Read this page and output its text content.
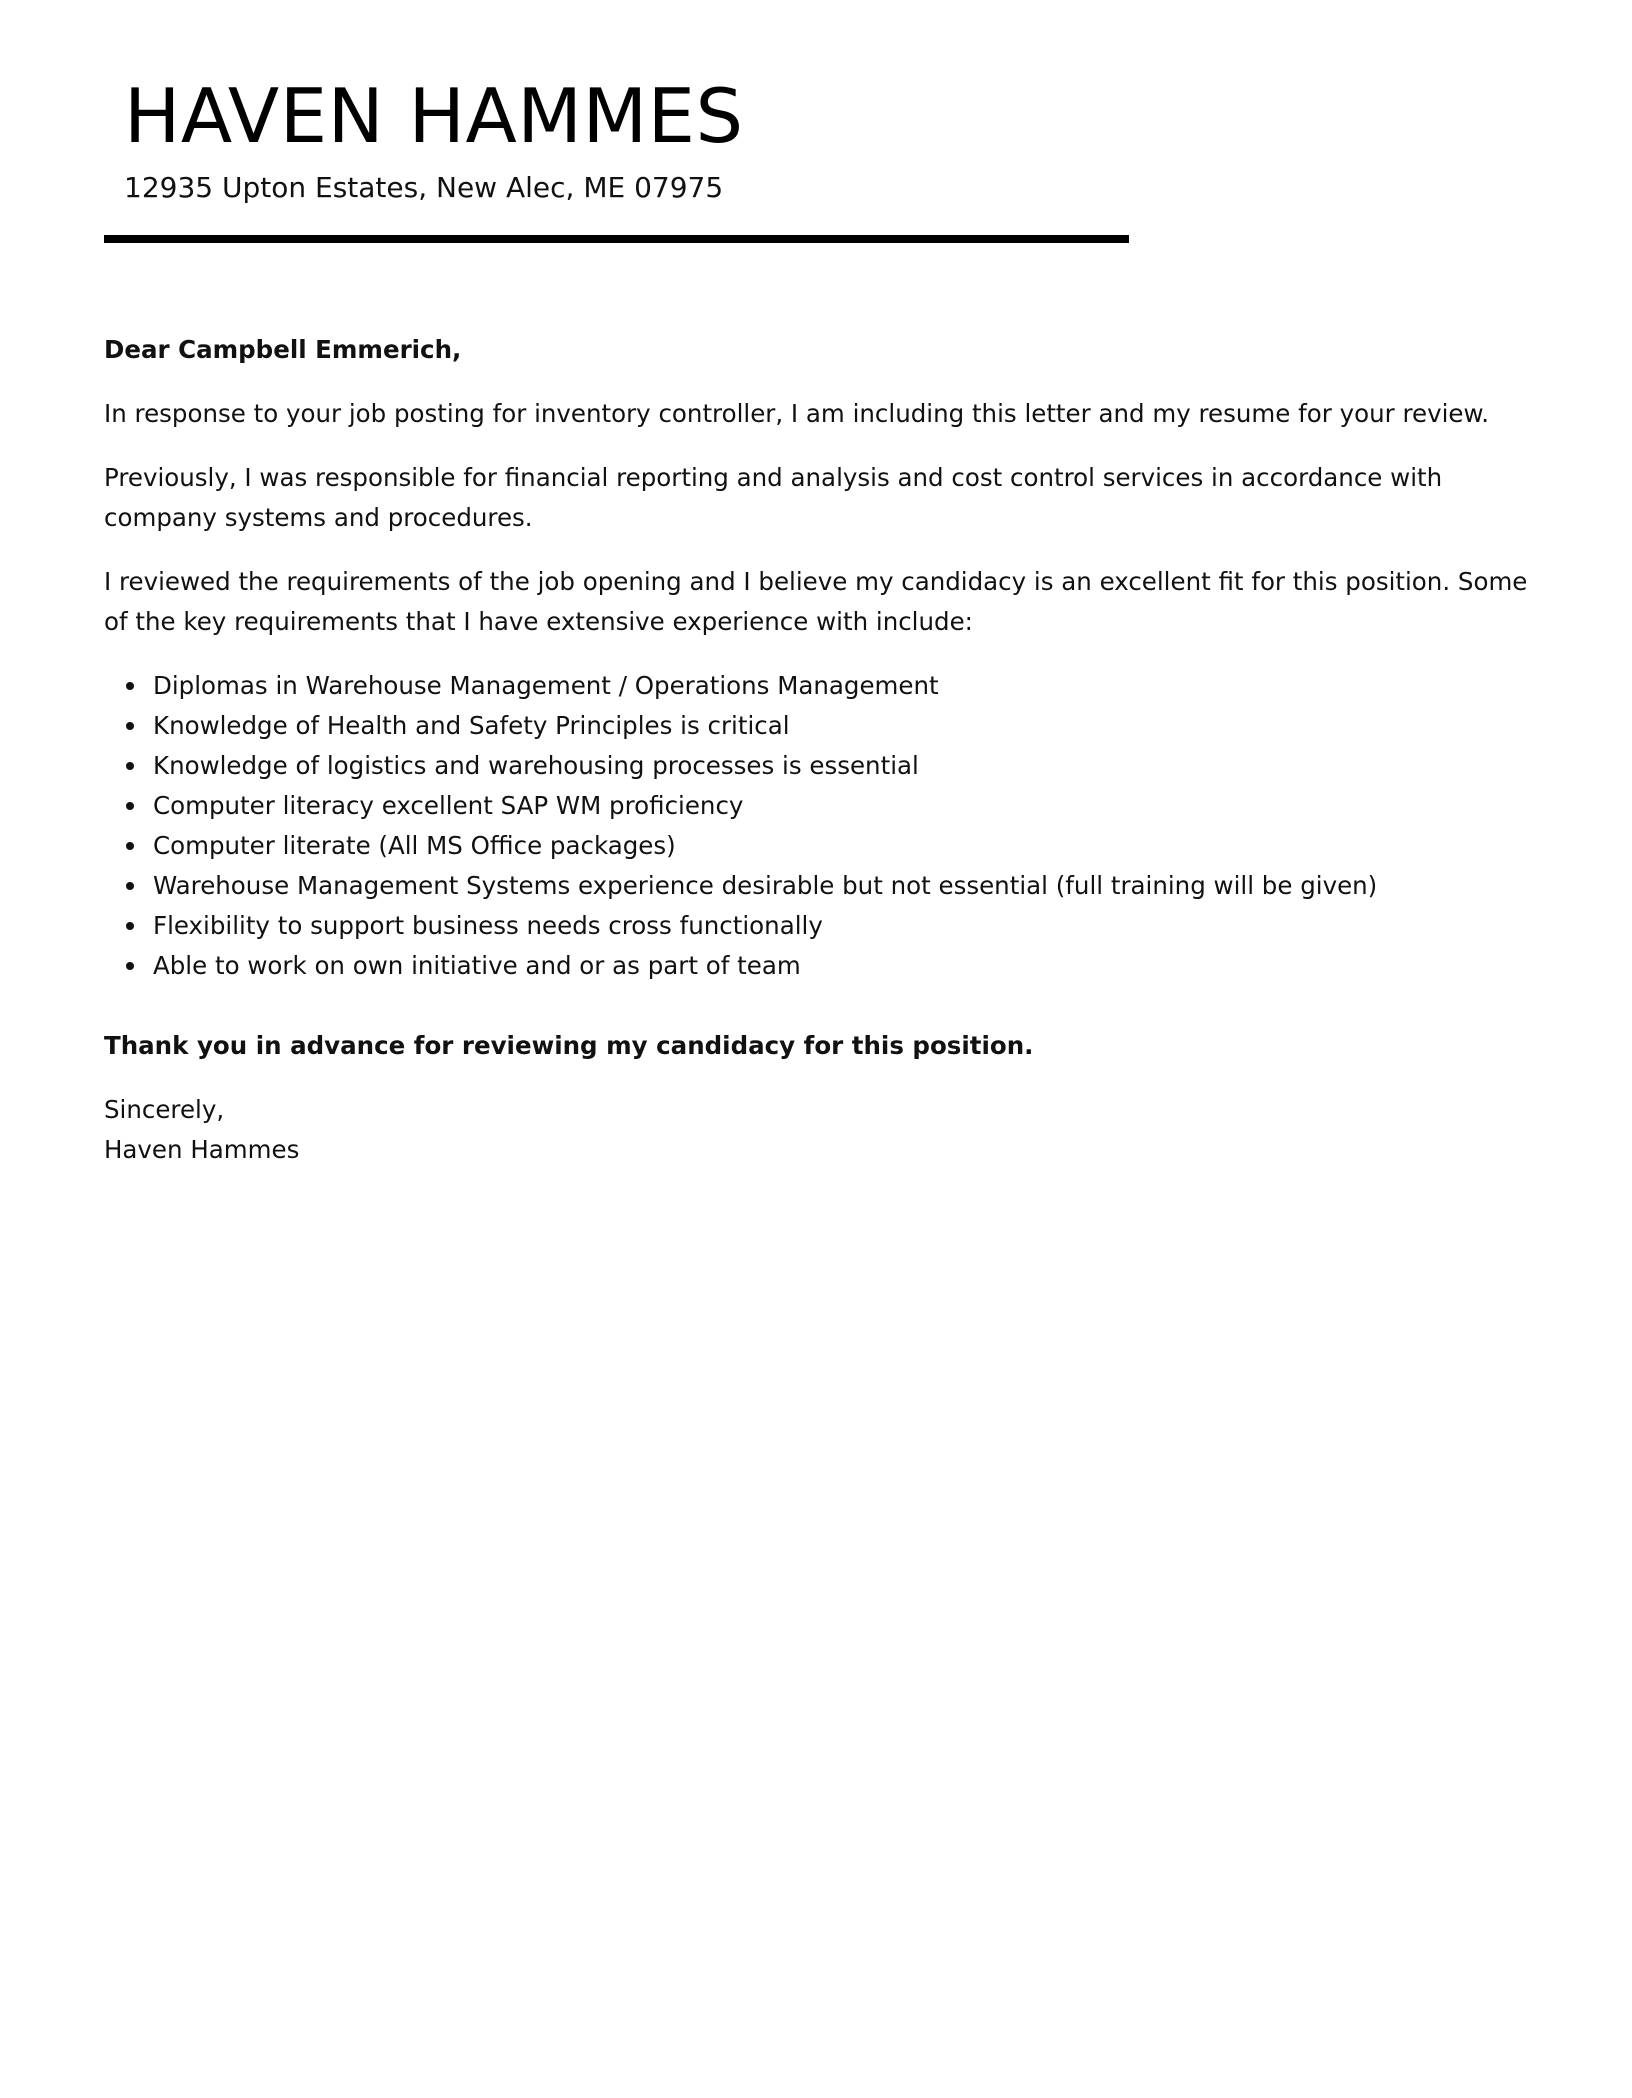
HAVEN HAMMES
12935 Upton Estates, New Alec, ME 07975

Dear Campbell Emmerich,

In response to your job posting for inventory controller, I am including this letter and my resume for your review.

Previously, I was responsible for financial reporting and analysis and cost control services in accordance with company systems and procedures.

I reviewed the requirements of the job opening and I believe my candidacy is an excellent fit for this position. Some of the key requirements that I have extensive experience with include:

Diplomas in Warehouse Management / Operations Management
Knowledge of Health and Safety Principles is critical
Knowledge of logistics and warehousing processes is essential
Computer literacy excellent SAP WM proficiency
Computer literate (All MS Office packages)
Warehouse Management Systems experience desirable but not essential (full training will be given)
Flexibility to support business needs cross functionally
Able to work on own initiative and or as part of team

Thank you in advance for reviewing my candidacy for this position.

Sincerely,

Haven Hammes
